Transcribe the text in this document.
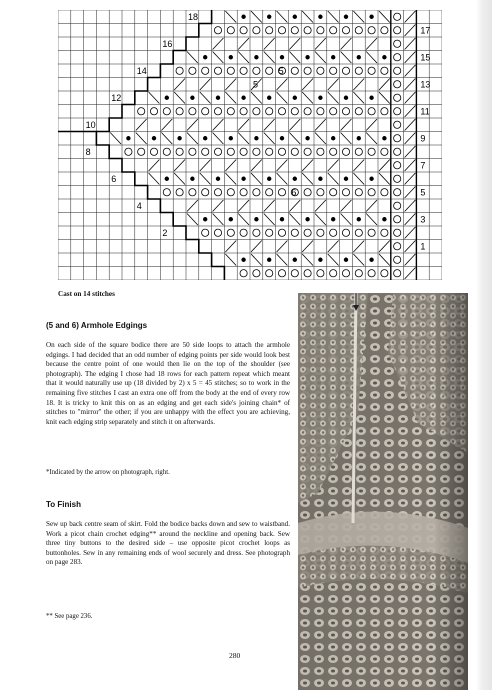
17
15
13
11
9
7
5
3
1
18
16
14
12
10
8
6
4
2
5
5
6
Cast on 14 stitches
(5 and 6) Armhole Edgings
On each side of the square bodice there are 50 side loops to attach the armhole edgings. I had decided that an odd number of edging points per side would look best because the centre point of one would then lie on the top of the shoulder (see photograph). The edging I chose had 18 rows for each pattern repeat which meant that it would naturally use up (18 divided by 2) x 5 = 45 stitches; so to work in the remaining five stitches I cast an extra one off from the body at the end of every row 18. It is tricky to knit this on as an edging and get each side's joining chain* of stitches to "mirror" the other; if you are unhappy with the effect you are achieving, knit each edging strip separately and stitch it on afterwards.
*Indicated by the arrow on photograph, right.
To Finish
Sew up back centre seam of skirt. Fold the bodice backs down and sew to waistband. Work a picot chain crochet edging** around the neckline and opening back. Sew three tiny buttons to the desired side – use opposite picot crochet loops as buttonholes. Sew in any remaining ends of wool securely and dress. See photograph on page 283.
** See page 236.
280
